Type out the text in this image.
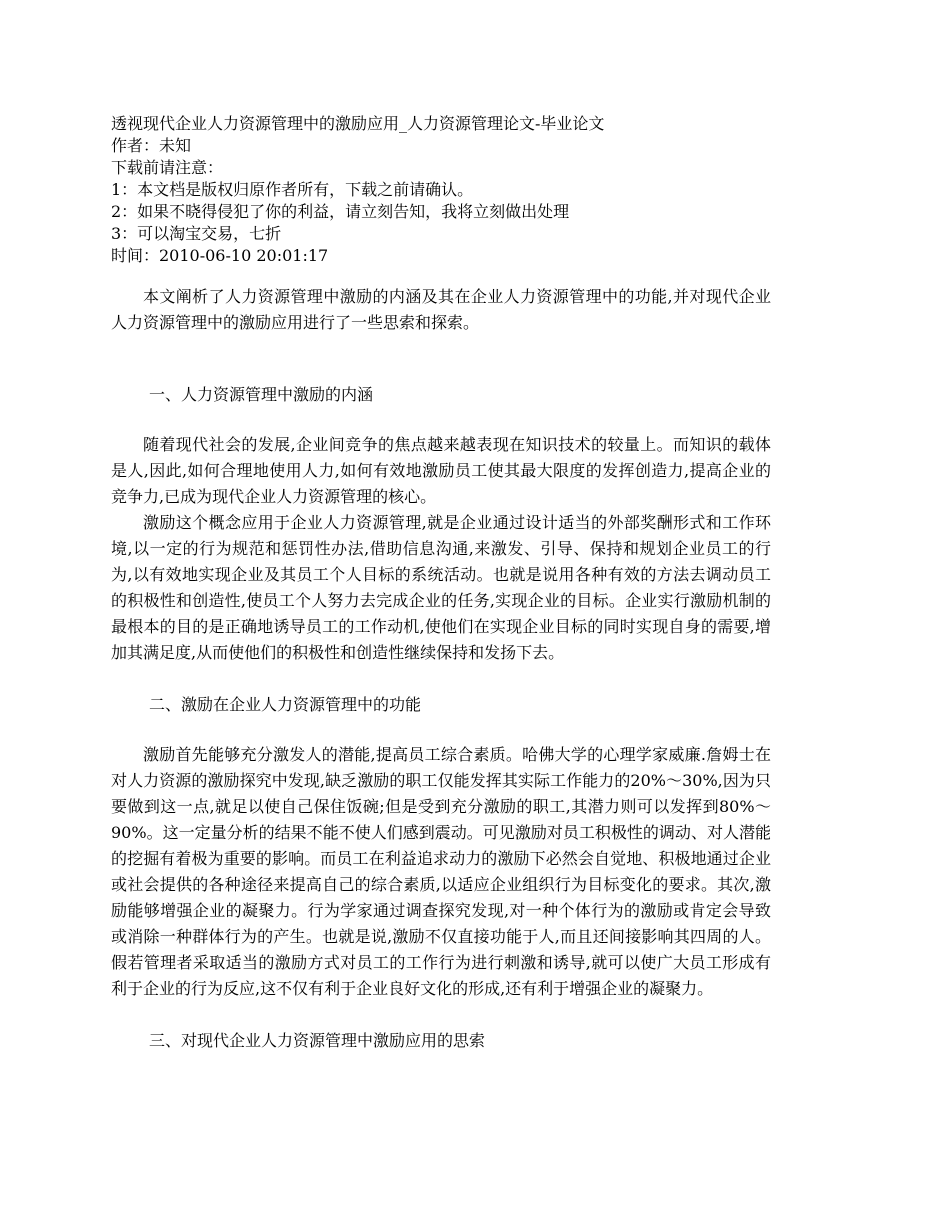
透视现代企业人力资源管理中的激励应用_人力资源管理论文-毕业论文
作者：未知
下载前请注意：
1：本文档是版权归原作者所有，下载之前请确认。
2：如果不晓得侵犯了你的利益，请立刻告知，我将立刻做出处理
3：可以淘宝交易，七折
时间：2010-06-10 20:01:17

本文阐析了人力资源管理中激励的内涵及其在企业人力资源管理中的功能,并对现代企业人力资源管理中的激励应用进行了一些思索和探索。

一、人力资源管理中激励的内涵

随着现代社会的发展,企业间竞争的焦点越来越表现在知识技术的较量上。而知识的载体是人,因此,如何合理地使用人力,如何有效地激励员工使其最大限度的发挥创造力,提高企业的竞争力,已成为现代企业人力资源管理的核心。

激励这个概念应用于企业人力资源管理,就是企业通过设计适当的外部奖酬形式和工作环境,以一定的行为规范和惩罚性办法,借助信息沟通,来激发、引导、保持和规划企业员工的行为,以有效地实现企业及其员工个人目标的系统活动。也就是说用各种有效的方法去调动员工的积极性和创造性,使员工个人努力去完成企业的任务,实现企业的目标。企业实行激励机制的最根本的目的是正确地诱导员工的工作动机,使他们在实现企业目标的同时实现自身的需要,增加其满足度,从而使他们的积极性和创造性继续保持和发扬下去。

二、激励在企业人力资源管理中的功能

激励首先能够充分激发人的潜能,提高员工综合素质。哈佛大学的心理学家威廉.詹姆士在对人力资源的激励探究中发现,缺乏激励的职工仅能发挥其实际工作能力的20%～30%,因为只要做到这一点,就足以使自己保住饭碗;但是受到充分激励的职工,其潜力则可以发挥到80%～90%。这一定量分析的结果不能不使人们感到震动。可见激励对员工积极性的调动、对人潜能的挖掘有着极为重要的影响。而员工在利益追求动力的激励下必然会自觉地、积极地通过企业或社会提供的各种途径来提高自己的综合素质,以适应企业组织行为目标变化的要求。其次,激励能够增强企业的凝聚力。行为学家通过调查探究发现,对一种个体行为的激励或肯定会导致或消除一种群体行为的产生。也就是说,激励不仅直接功能于人,而且还间接影响其四周的人。假若管理者采取适当的激励方式对员工的工作行为进行刺激和诱导,就可以使广大员工形成有利于企业的行为反应,这不仅有利于企业良好文化的形成,还有利于增强企业的凝聚力。

三、对现代企业人力资源管理中激励应用的思索
